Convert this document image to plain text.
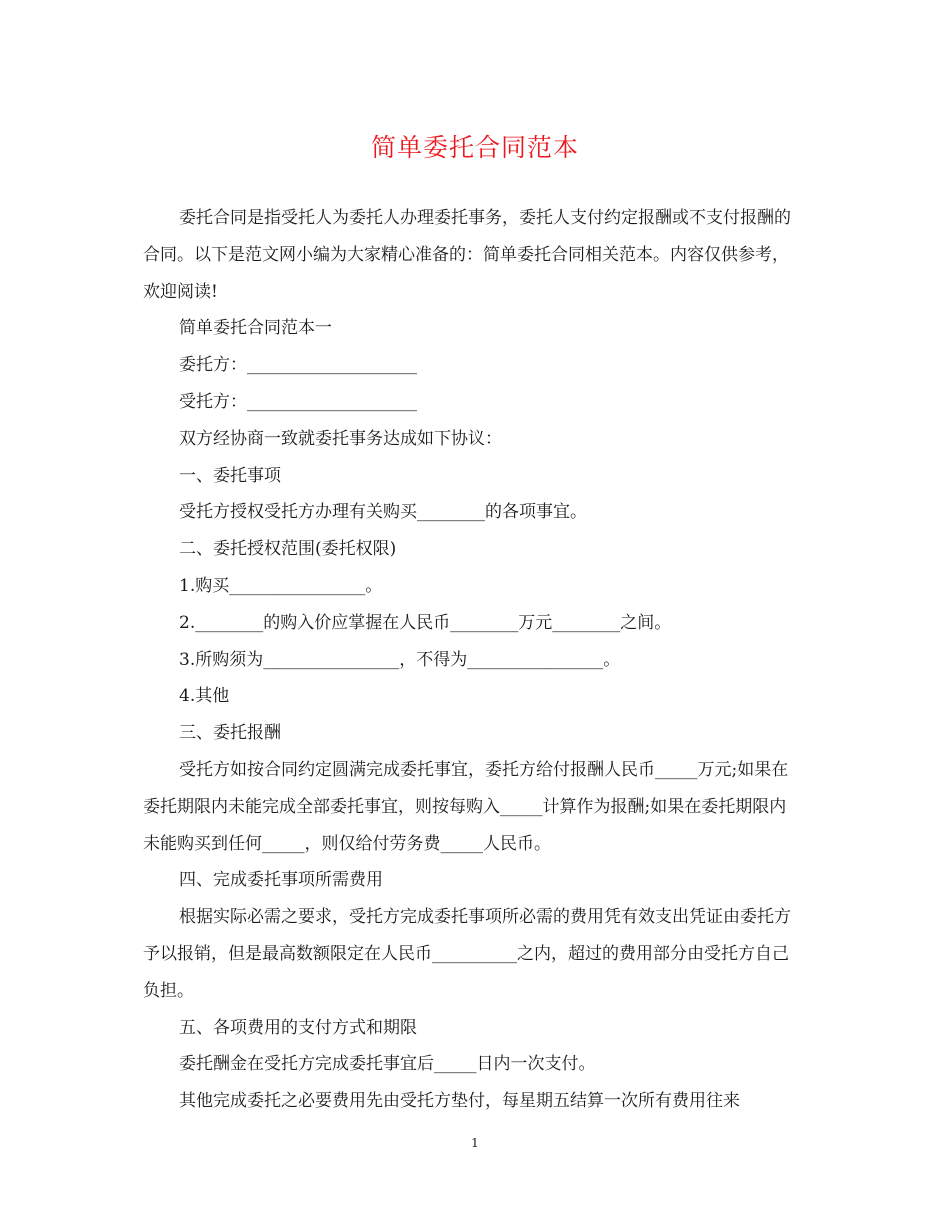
简单委托合同范本

委托合同是指受托人为委托人办理委托事务，委托人支付约定报酬或不支付报酬的合同。以下是范文网小编为大家精心准备的：简单委托合同相关范本。内容仅供参考，欢迎阅读!

简单委托合同范本一

委托方：____________________

受托方：____________________

双方经协商一致就委托事务达成如下协议：

一、委托事项

受托方授权受托方办理有关购买________的各项事宜。

二、委托授权范围(委托权限)

1.购买________________。

2.________的购入价应掌握在人民币________万元________之间。

3.所购须为________________，不得为________________。

4.其他

三、委托报酬

受托方如按合同约定圆满完成委托事宜，委托方给付报酬人民币_____万元;如果在委托期限内未能完成全部委托事宜，则按每购入_____计算作为报酬;如果在委托期限内未能购买到任何_____，则仅给付劳务费_____人民币。

四、完成委托事项所需费用

根据实际必需之要求，受托方完成委托事项所必需的费用凭有效支出凭证由委托方予以报销，但是最高数额限定在人民币__________之内，超过的费用部分由受托方自己负担。

五、各项费用的支付方式和期限

委托酬金在受托方完成委托事宜后_____日内一次支付。

其他完成委托之必要费用先由受托方垫付，每星期五结算一次所有费用往来

1
